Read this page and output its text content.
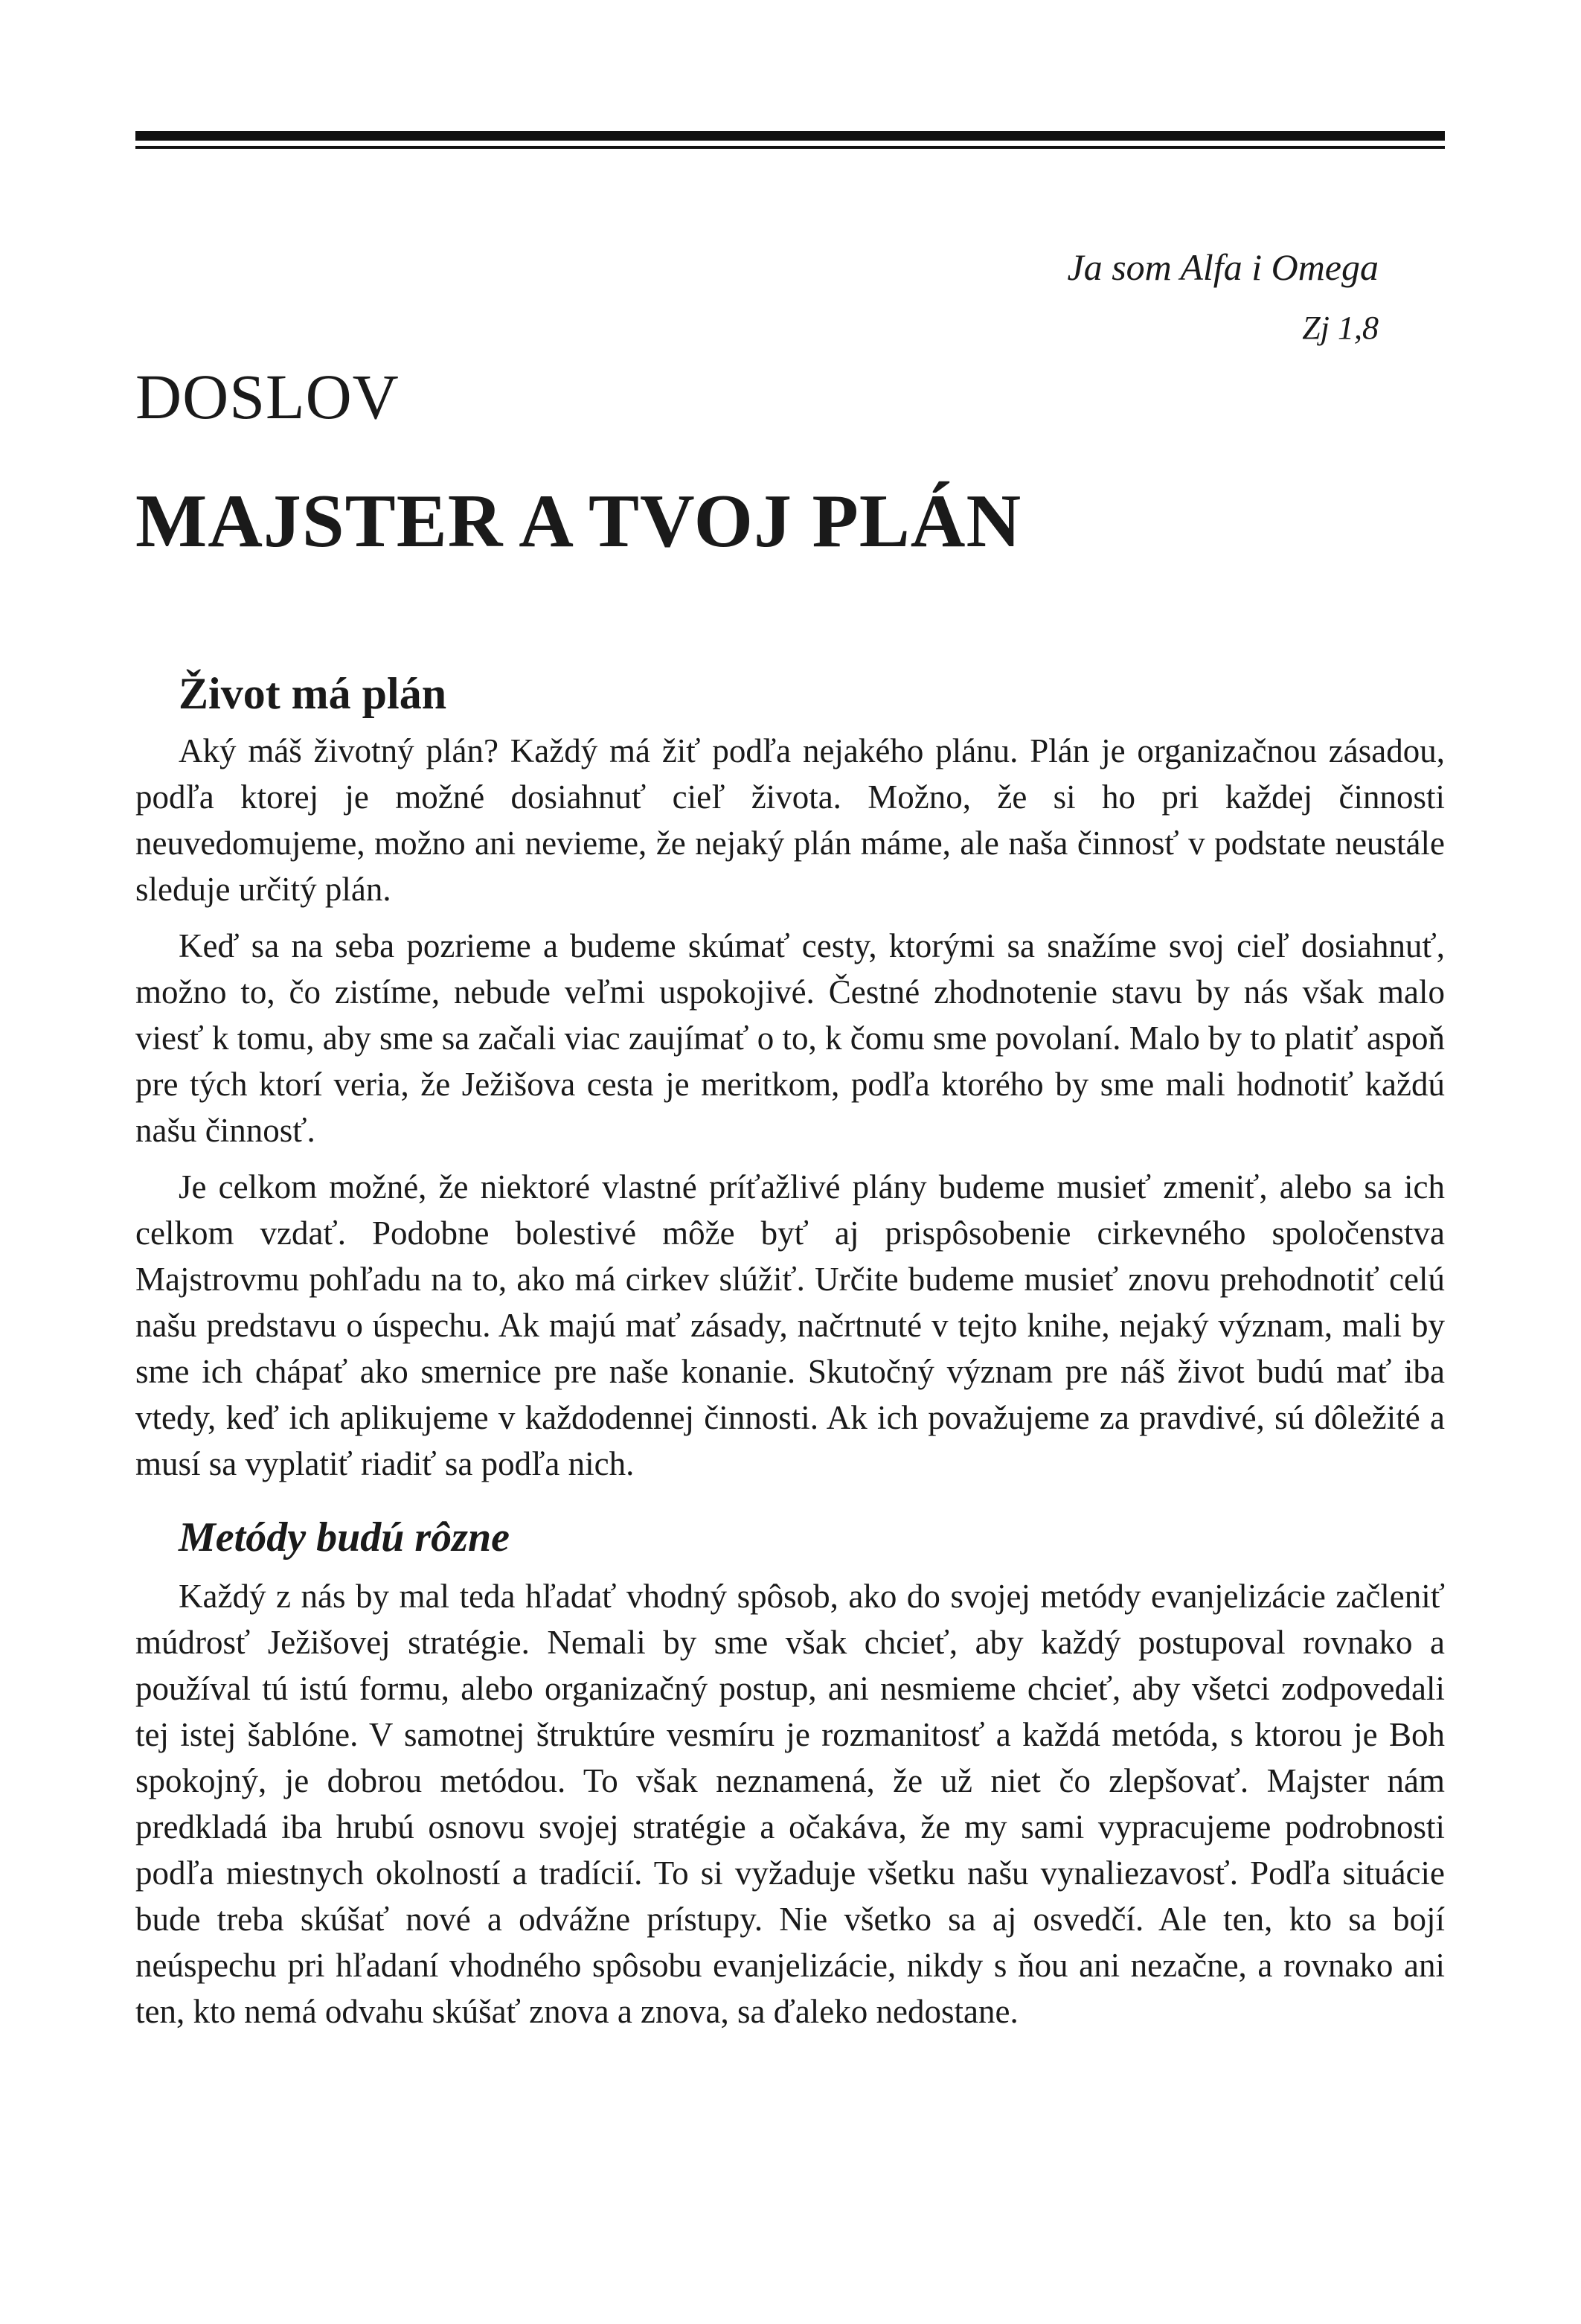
Ja som Alfa i Omega
Zj 1,8
DOSLOV
MAJSTER A TVOJ PLÁN
Život má plán

Aký máš životný plán? Každý má žiť podľa nejakého plánu. Plán je organizačnou zásadou, podľa ktorej je možné dosiahnuť cieľ života. Možno, že si ho pri každej činnosti neuvedomujeme, možno ani nevieme, že nejaký plán máme, ale naša činnosť v podstate neustále sleduje určitý plán.

Keď sa na seba pozrieme a budeme skúmať cesty, ktorými sa snažíme svoj cieľ dosiahnuť, možno to, čo zistíme, nebude veľmi uspokojivé. Čestné zhodnotenie stavu by nás však malo viesť k tomu, aby sme sa začali viac zaujímať o to, k čomu sme povolaní. Malo by to platiť aspoň pre tých ktorí veria, že Ježišova cesta je meritkom, podľa ktorého by sme mali hodnotiť každú našu činnosť.

Je celkom možné, že niektoré vlastné príťažlivé plány budeme musieť zmeniť, alebo sa ich celkom vzdať. Podobne bolestivé môže byť aj prispôsobenie cirkevného spoločenstva Majstrovmu pohľadu na to, ako má cirkev slúžiť. Určite budeme musieť znovu prehodnotiť celú našu predstavu o úspechu. Ak majú mať zásady, načrtnuté v tejto knihe, nejaký význam, mali by sme ich chápať ako smernice pre naše konanie. Skutočný význam pre náš život budú mať iba vtedy, keď ich aplikujeme v každodennej činnosti. Ak ich považujeme za pravdivé, sú dôležité a musí sa vyplatiť riadiť sa podľa nich.

Metódy budú rôzne

Každý z nás by mal teda hľadať vhodný spôsob, ako do svojej metódy evanjelizácie začleniť múdrosť Ježišovej stratégie. Nemali by sme však chcieť, aby každý postupoval rovnako a používal tú istú formu, alebo organizačný postup, ani nesmieme chcieť, aby všetci zodpovedali tej istej šablóne. V samotnej štruktúre vesmíru je rozmanitosť a každá metóda, s ktorou je Boh spokojný, je dobrou metódou. To však neznamená, že už niet čo zlepšovať. Majster nám predkladá iba hrubú osnovu svojej stratégie a očakáva, že my sami vypracujeme podrobnosti podľa miestnych okolností a tradícií. To si vyžaduje všetku našu vynaliezavosť. Podľa situácie bude treba skúšať nové a odvážne prístupy. Nie všetko sa aj osvedčí. Ale ten, kto sa bojí neúspechu pri hľadaní vhodného spôsobu evanjelizácie, nikdy s ňou ani nezačne, a rovnako ani ten, kto nemá odvahu skúšať znova a znova, sa ďaleko nedostane.
